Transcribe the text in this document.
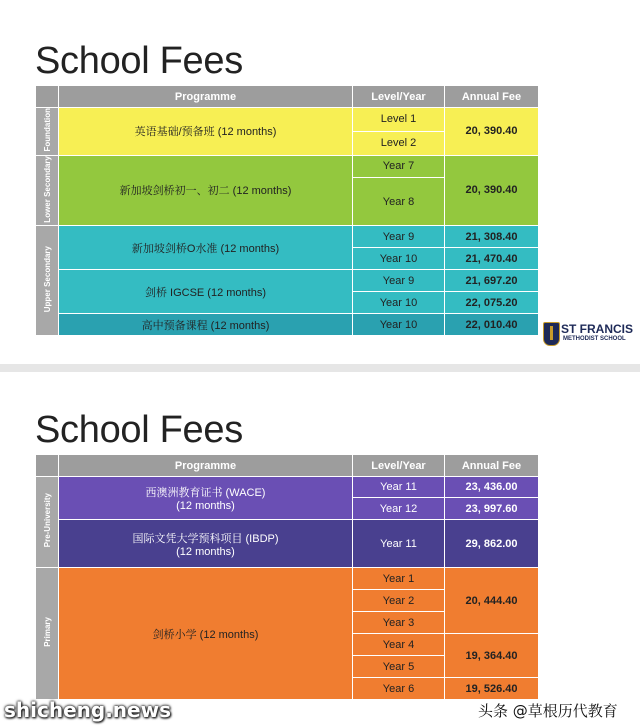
School Fees
	Programme	Level/Year	Annual Fee
Foundation	英语基础/预备班 (12 months)	Level 1	20, 390.40
		Level 2	
Lower Secondary	新加坡剑桥初一、初二 (12 months)	Year 7	20, 390.40
		Year 8	
Upper Secondary	新加坡剑桥O水准 (12 months)	Year 9	21, 308.40
		Year 10	21, 470.40
	剑桥 IGCSE (12 months)	Year 9	21, 697.20
		Year 10	22, 075.20
	高中预备课程 (12 months)	Year 10	22, 010.40	ST FRANCIS
METHODIST SCHOOL
School Fees
	Programme	Level/Year	Annual Fee
Pre-University	西澳洲教育证书 (WACE)
(12 months)	Year 11	23, 436.00
		Year 12	23, 997.60

	国际文凭大学预科项目 (IBDP)
(12 months)	Year 11	29, 862.00
Primary	剑桥小学 (12 months)	Year 1	20, 444.40
		Year 2	
		Year 3	
		Year 4	19, 364.40
		Year 5	
		Year 6	19, 526.40
shicheng.news	头条 @草根历代教育
